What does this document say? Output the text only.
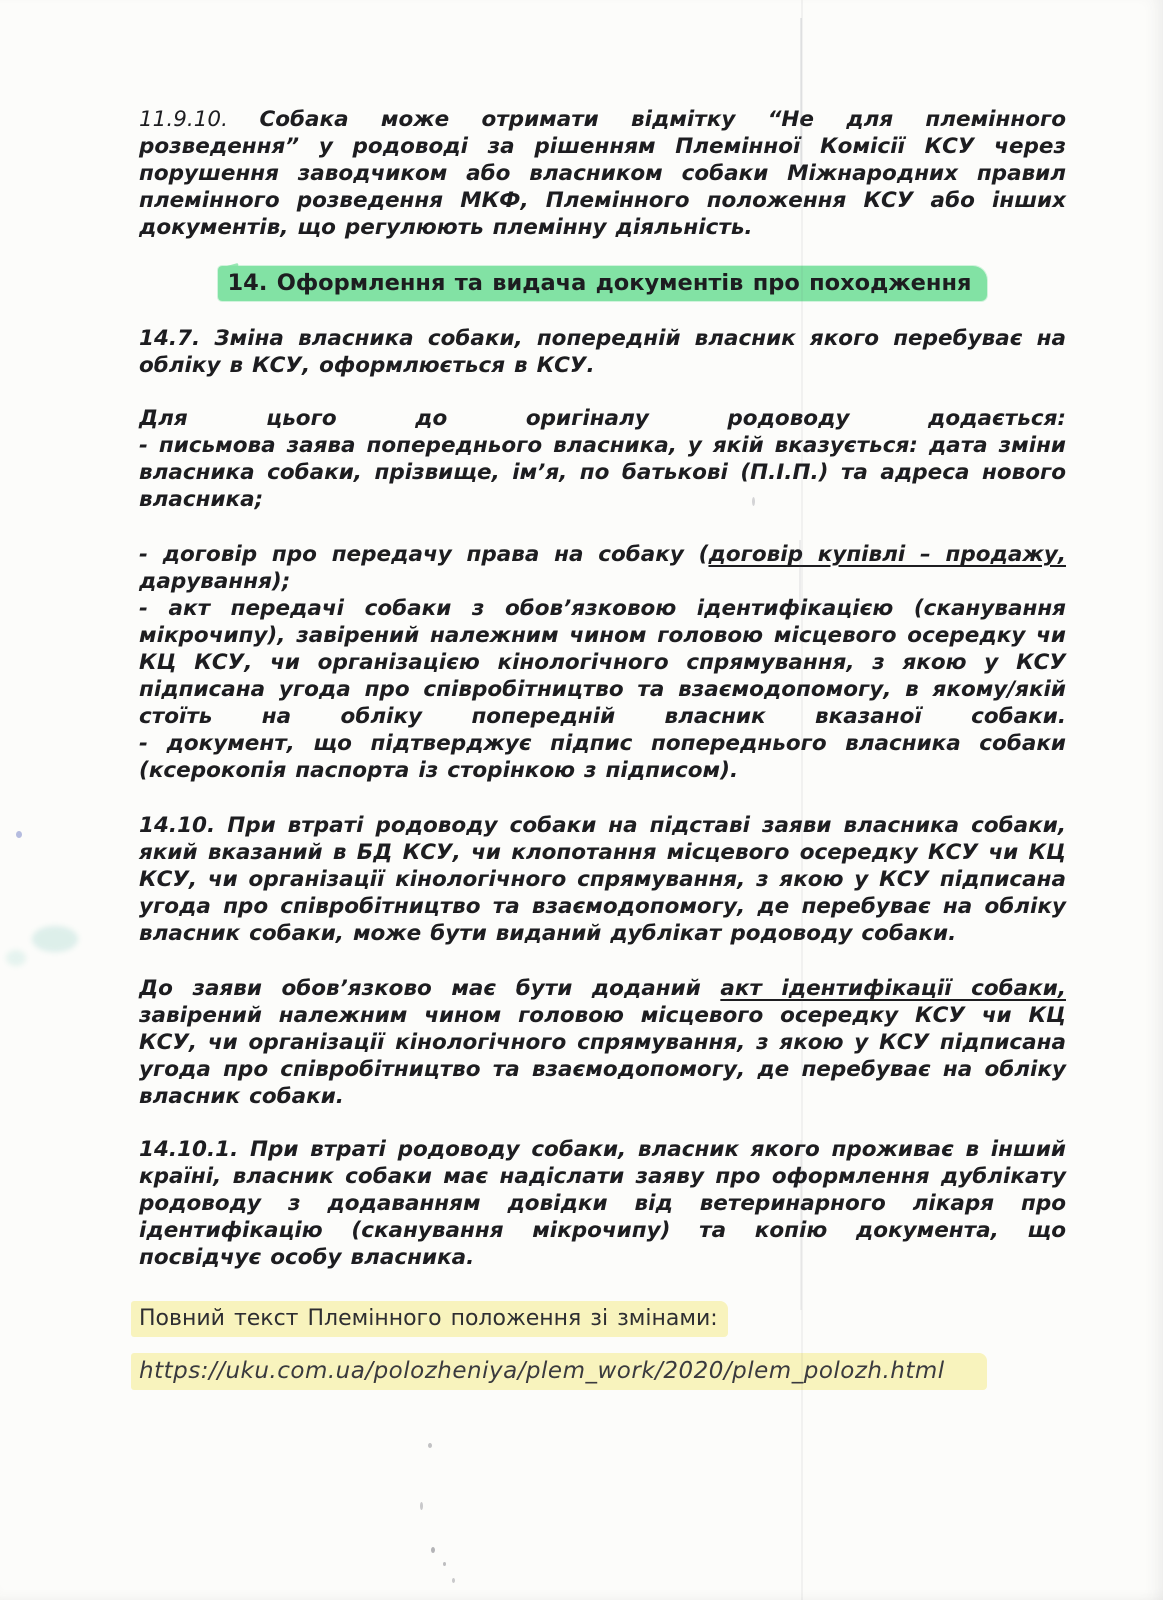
11.9.10. Собака може отримати відмітку “Не для племінного розведення” у родоводі за рішенням Племінної Комісії КСУ через порушення заводчиком або власником собаки Міжнародних правил племінного розведення МКФ, Племінного положення КСУ або інших документів, що регулюють племінну діяльність.
14. Оформлення та видача документів про походження
14.7. Зміна власника собаки, попередній власник якого перебуває на обліку в КСУ, оформлюється в КСУ.
Для цього до оригіналу родоводу додається:
- письмова заява попереднього власника, у якій вказується: дата зміни власника собаки, прізвище, ім’я, по батькові (П.І.П.) та адреса нового власника;
- договір про передачу права на собаку (договір купівлі – продажу, дарування);
- акт передачі собаки з обов’язковою ідентифікацією (сканування мікрочипу), завірений належним чином головою місцевого осередку чи КЦ КСУ, чи організацією кінологічного спрямування, з якою у КСУ підписана угода про співробітництво та взаємодопомогу, в якому/якій стоїть на обліку попередній власник вказаної собаки.
- документ, що підтверджує підпис попереднього власника собаки (ксерокопія паспорта із сторінкою з підписом).
14.10. При втраті родоводу собаки на підставі заяви власника собаки, який вказаний в БД КСУ, чи клопотання місцевого осередку КСУ чи КЦ КСУ, чи організації кінологічного спрямування, з якою у КСУ підписана угода про співробітництво та взаємодопомогу, де перебуває на обліку власник собаки, може бути виданий дублікат родоводу собаки.
До заяви обов’язково має бути доданий акт ідентифікації собаки, завірений належним чином головою місцевого осередку КСУ чи КЦ КСУ, чи організації кінологічного спрямування, з якою у КСУ підписана угода про співробітництво та взаємодопомогу, де перебуває на обліку власник собаки.
14.10.1. При втраті родоводу собаки, власник якого проживає в інший країні, власник собаки має надіслати заяву про оформлення дублікату родоводу з додаванням довідки від ветеринарного лікаря про ідентифікацію (сканування мікрочипу) та копію документа, що посвідчує особу власника.
Повний текст Племінного положення зі змінами:
https://uku.com.ua/polozheniya/plem_work/2020/plem_polozh.html
